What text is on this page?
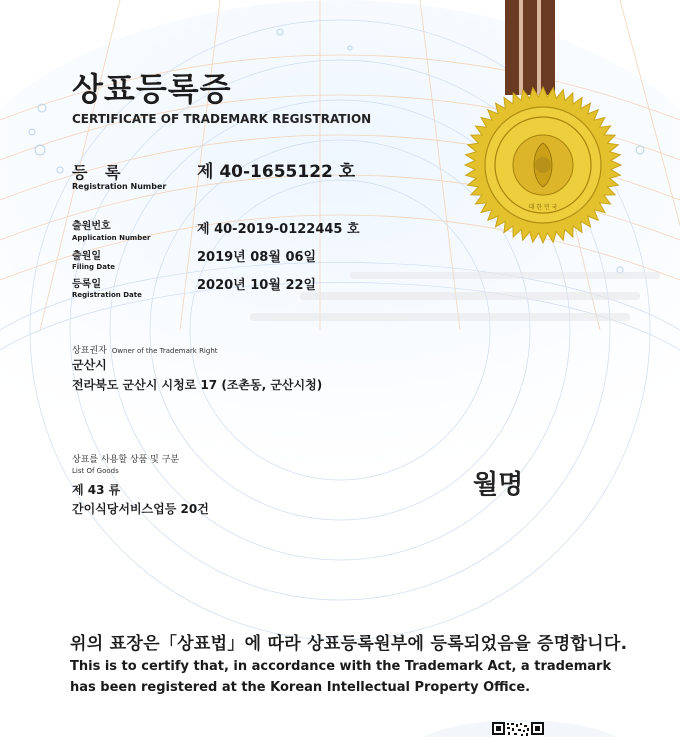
대 한 민 국
상표등록증
CERTIFICATE OF TRADEMARK REGISTRATION
등 록
Registration Number
제 40-1655122 호
출원번호
Application Number
제 40-2019-0122445 호
출원일
Filing Date
2019년 08월 06일
등록일
Registration Date
2020년 10월 22일
상표권자 Owner of the Trademark Right
군산시
전라북도 군산시 시청로 17 (조촌동, 군산시청)
상표를 사용할 상품 및 구분
List Of Goods
제 43 류
간이식당서비스업등 20건
월명
위의 표장은「상표법」에 따라 상표등록원부에 등록되었음을 증명합니다.
This is to certify that, in accordance with the Trademark Act, a trademark
has been registered at the Korean Intellectual Property Office.
